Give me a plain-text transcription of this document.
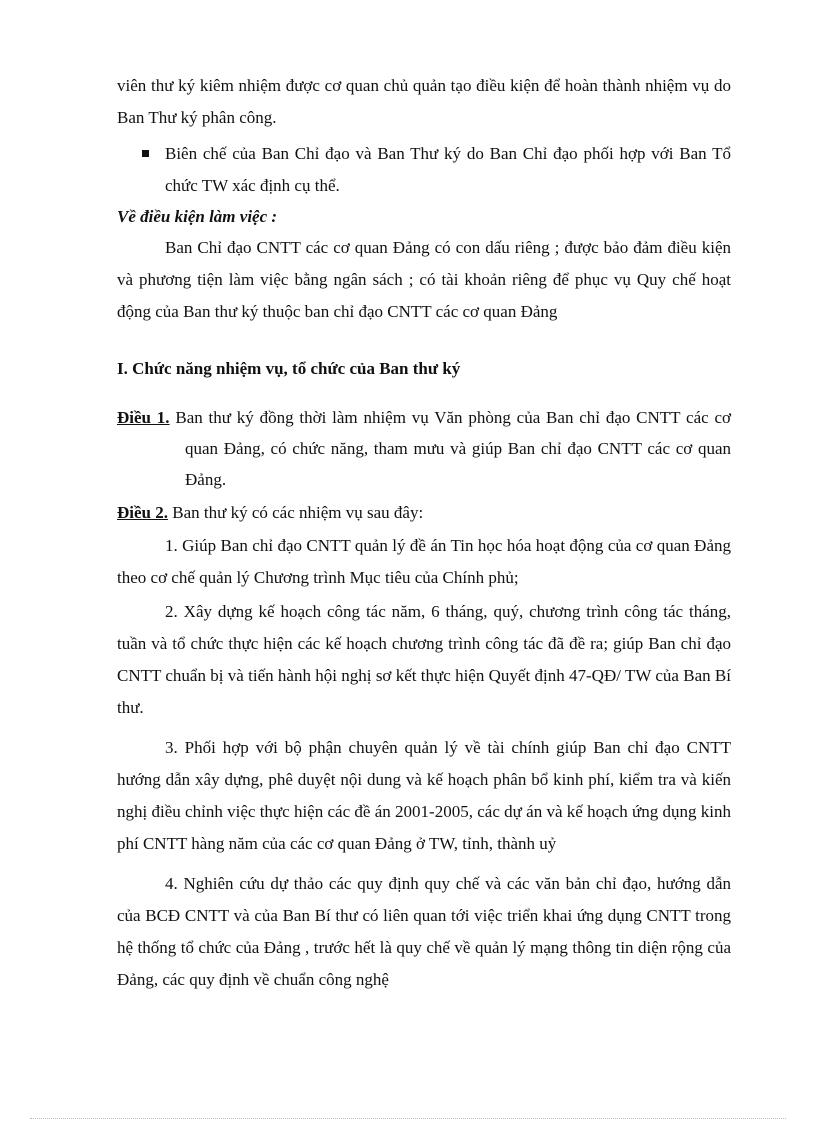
viên thư ký kiêm nhiệm được cơ quan chủ quản tạo điều kiện để hoàn thành nhiệm vụ do Ban Thư ký phân công.

Biên chế của Ban Chỉ đạo và Ban Thư ký do Ban Chỉ đạo phối hợp với Ban Tổ chức TW xác định cụ thể.

Về điều kiện làm việc :

Ban Chỉ đạo CNTT các cơ quan Đảng có con dấu riêng ; được bảo đảm điều kiện và phương tiện làm việc bằng ngân sách ; có tài khoản riêng để phục vụ Quy chế hoạt động của Ban thư ký thuộc ban chỉ đạo CNTT các cơ quan Đảng

I. Chức năng nhiệm vụ, tổ chức của Ban thư ký

Điều 1. Ban thư ký đồng thời làm nhiệm vụ Văn phòng của Ban chỉ đạo CNTT các cơ quan Đảng, có chức năng, tham mưu và giúp Ban chỉ đạo CNTT các cơ quan Đảng.

Điều 2. Ban thư ký có các nhiệm vụ sau đây:

1. Giúp Ban chỉ đạo CNTT quản lý đề án Tin học hóa hoạt động của cơ quan Đảng theo cơ chế quản lý Chương trình Mục tiêu của Chính phủ;

2. Xây dựng kế hoạch công tác năm, 6 tháng, quý, chương trình công tác tháng, tuần và tổ chức thực hiện các kế hoạch chương trình công tác đã đề ra; giúp Ban chỉ đạo CNTT chuẩn bị và tiến hành hội nghị sơ kết thực hiện Quyết định 47-QĐ/ TW của Ban Bí thư.

3. Phối hợp với bộ phận chuyên quản lý về tài chính giúp Ban chỉ đạo CNTT hướng dẫn xây dựng, phê duyệt nội dung và kế hoạch phân bổ kinh phí, kiểm tra và kiến nghị điều chỉnh việc thực hiện các đề án 2001-2005, các dự án và kế hoạch ứng dụng kinh phí CNTT hàng năm của các cơ quan Đảng ở TW, tỉnh, thành uỷ

4. Nghiên cứu dự thảo các quy định quy chế và các văn bản chỉ đạo, hướng dẫn của BCĐ CNTT và của Ban Bí thư có liên quan tới việc triển khai ứng dụng CNTT trong hệ thống tổ chức của Đảng , trước hết là quy chế về quản lý mạng thông tin diện rộng của Đảng, các quy định về chuẩn công nghệ
